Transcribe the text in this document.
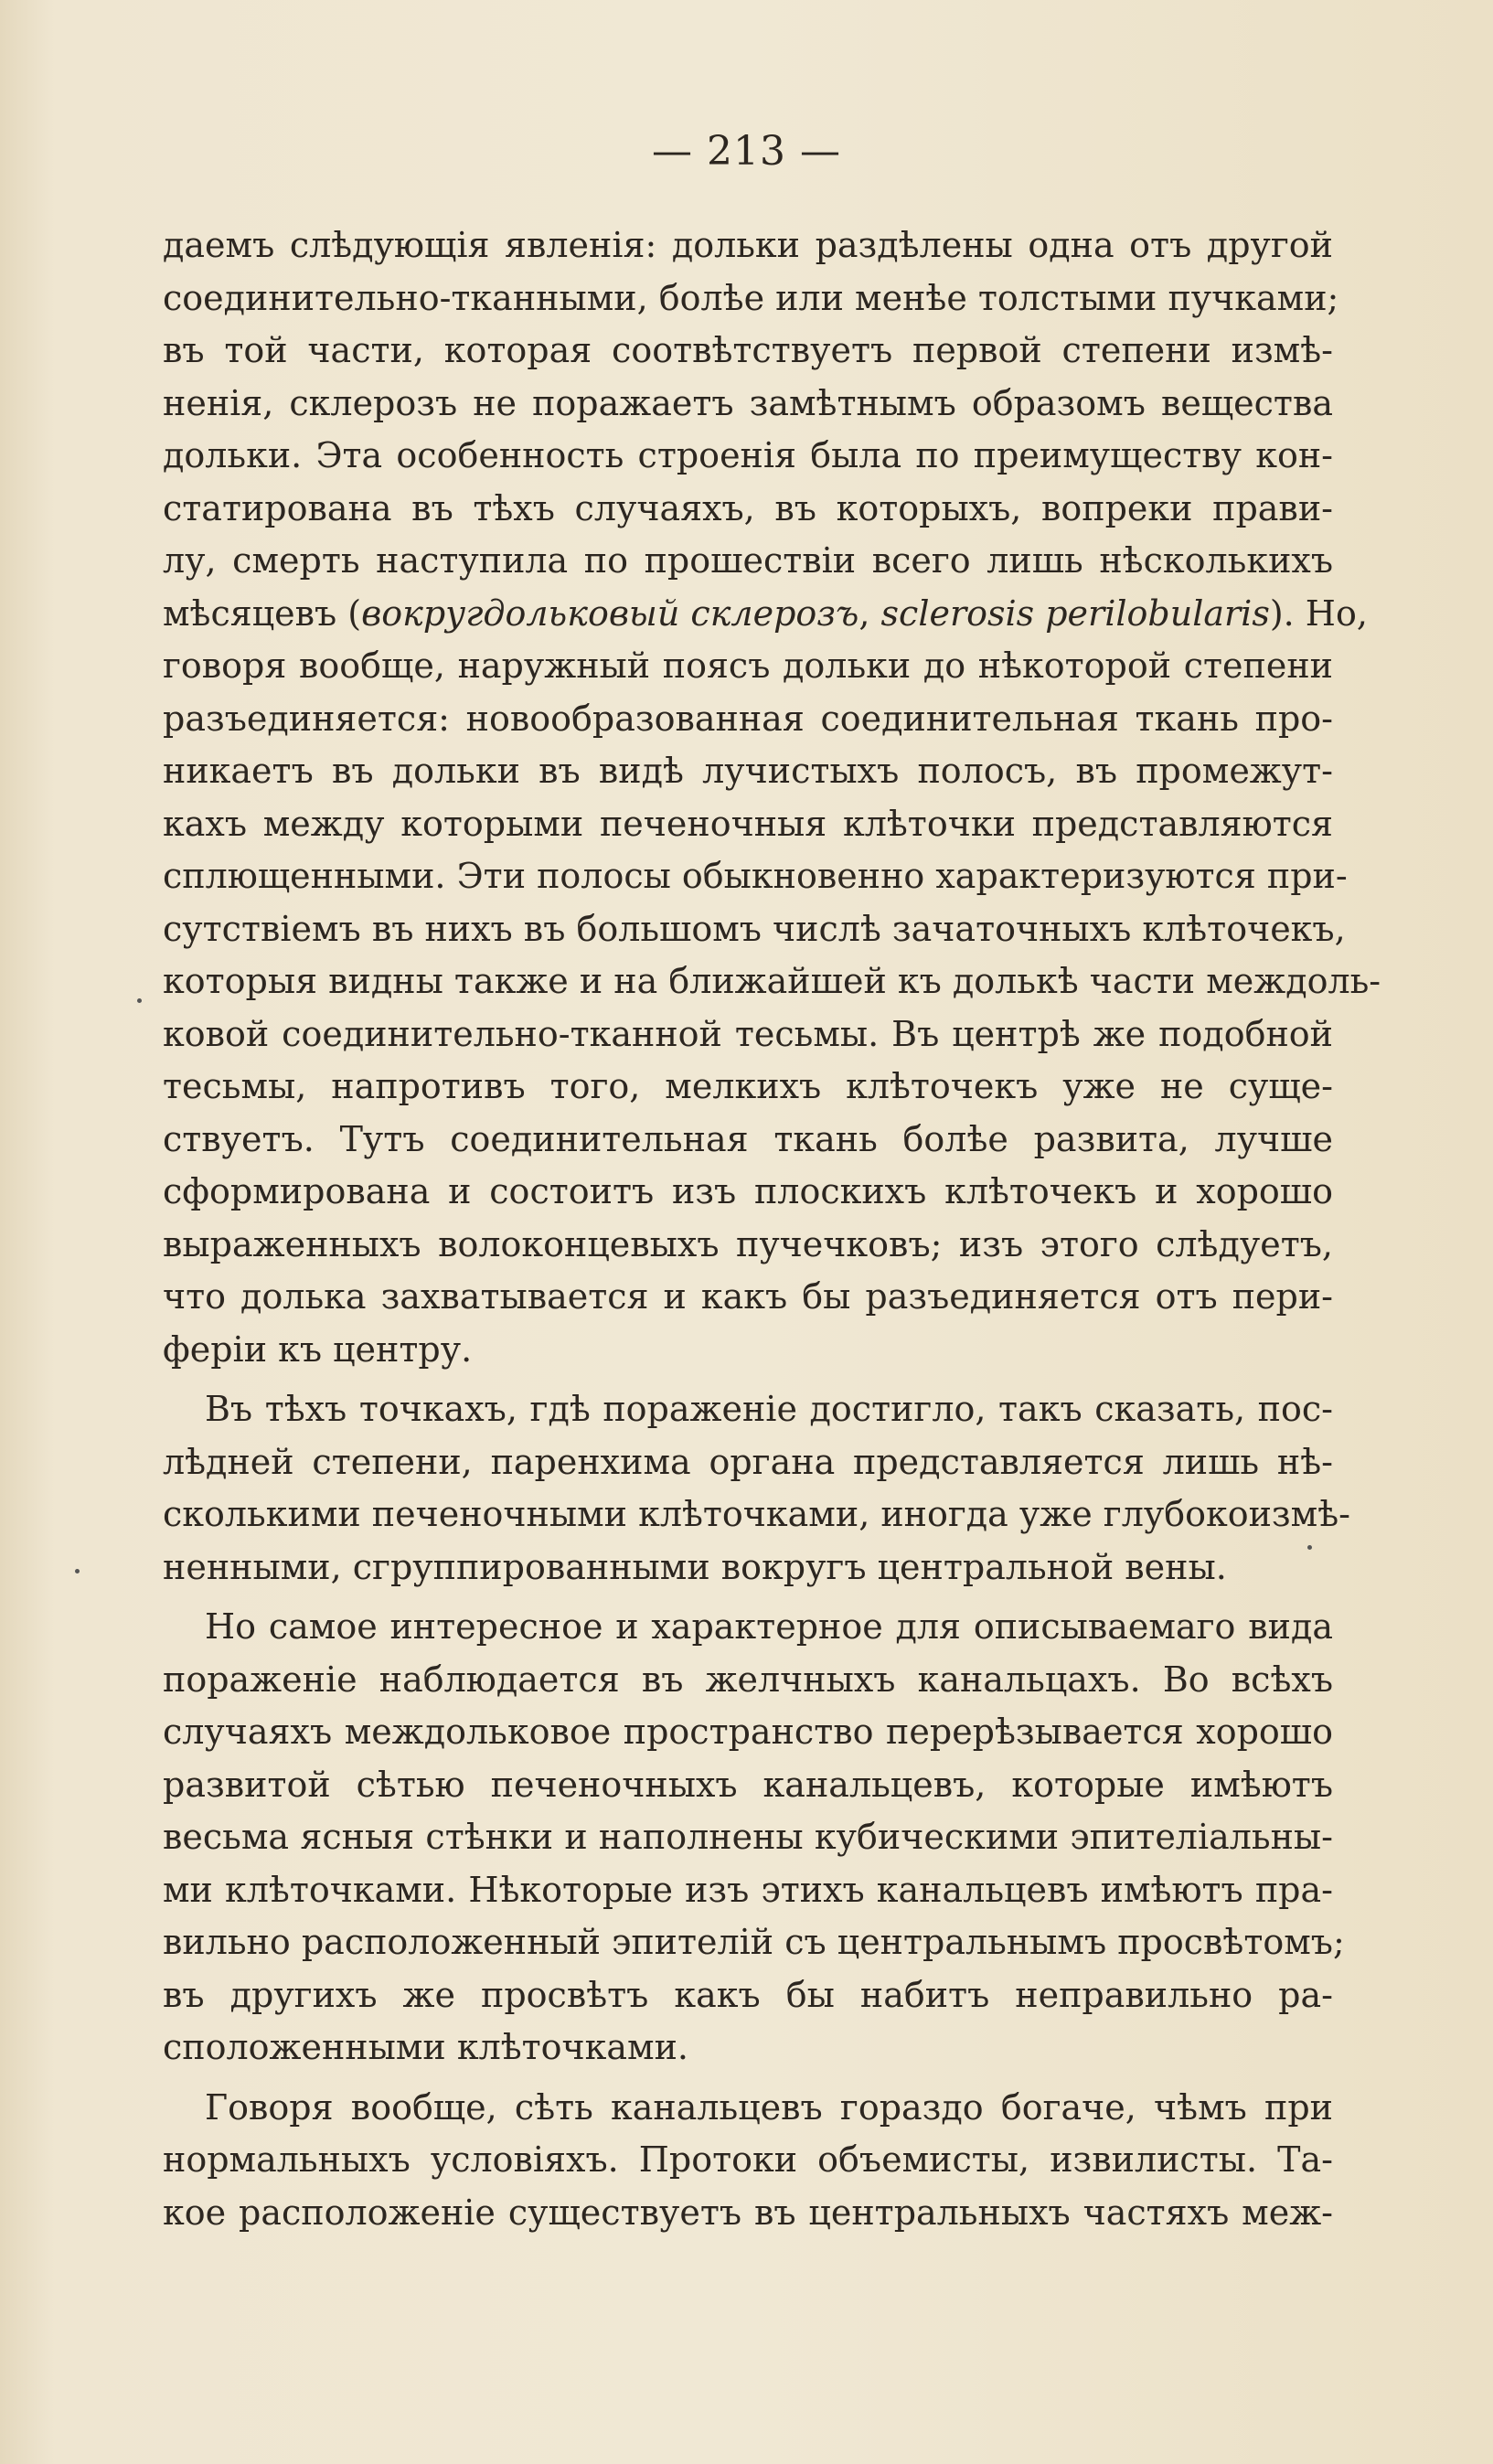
— 213 —
даемъ слѣдующія явленія: дольки раздѣлены одна отъ другой
соединительно-тканными, болѣе или менѣе толстыми пучками;
въ той части, которая соотвѣтствуетъ первой степени измѣ-
ненія, склерозъ не поражаетъ замѣтнымъ образомъ вещества
дольки. Эта особенность строенія была по преимуществу кон-
статирована въ тѣхъ случаяхъ, въ которыхъ, вопреки прави-
лу, смерть наступила по прошествіи всего лишь нѣсколькихъ
мѣсяцевъ (вокругдольковый склерозъ, sclerosis perilobularis). Но,
говоря вообще, наружный поясъ дольки до нѣкоторой степени
разъединяется: новообразованная соединительная ткань про-
никаетъ въ дольки въ видѣ лучистыхъ полосъ, въ промежут-
кахъ между которыми печеночныя клѣточки представляются
сплющенными. Эти полосы обыкновенно характеризуются при-
сутствіемъ въ нихъ въ большомъ числѣ зачаточныхъ клѣточекъ,
которыя видны также и на ближайшей къ долькѣ части междоль-
ковой соединительно-тканной тесьмы. Въ центрѣ же подобной
тесьмы, напротивъ того, мелкихъ клѣточекъ уже не суще-
ствуетъ. Тутъ соединительная ткань болѣе развита, лучше
сформирована и состоитъ изъ плоскихъ клѣточекъ и хорошо
выраженныхъ волоконцевыхъ пучечковъ; изъ этого слѣдуетъ,
что долька захватывается и какъ бы разъединяется отъ пери-
феріи къ центру.
Въ тѣхъ точкахъ, гдѣ пораженіе достигло, такъ сказать, пос-
лѣдней степени, паренхима органа представляется лишь нѣ-
сколькими печеночными клѣточками, иногда уже глубокоизмѣ-
ненными, сгруппированными вокругъ центральной вены.
Но самое интересное и характерное для описываемаго вида
пораженіе наблюдается въ желчныхъ канальцахъ. Во всѣхъ
случаяхъ междольковое пространство перерѣзывается хорошо
развитой сѣтью печеночныхъ канальцевъ, которые имѣютъ
весьма ясныя стѣнки и наполнены кубическими эпителіальны-
ми клѣточками. Нѣкоторые изъ этихъ канальцевъ имѣютъ пра-
вильно расположенный эпителій съ центральнымъ просвѣтомъ;
въ другихъ же просвѣтъ какъ бы набитъ неправильно ра-
сположенными клѣточками.
Говоря вообще, сѣть канальцевъ гораздо богаче, чѣмъ при
нормальныхъ условіяхъ. Протоки объемисты, извилисты. Та-
кое расположеніе существуетъ въ центральныхъ частяхъ меж-
